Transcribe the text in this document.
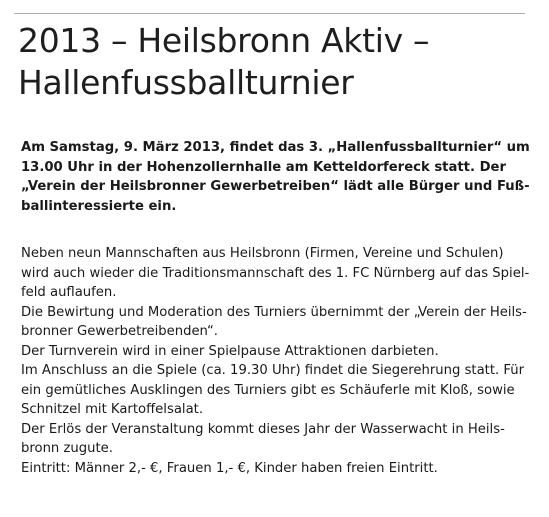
2013 – Heilsbronn Aktiv –
Hallenfussballturnier

Am Samstag, 9. März 2013, findet das 3. „Hallenfussballturnier“ um
13.00 Uhr in der Hohenzollernhalle am Ketteldorfereck statt. Der
„Verein der Heilsbronner Gewerbetreiben“ lädt alle Bürger und Fuß-
ballinteressierte ein.

Neben neun Mannschaften aus Heilsbronn (Firmen, Vereine und Schulen)
wird auch wieder die Traditionsmannschaft des 1. FC Nürnberg auf das Spiel-
feld auflaufen.
Die Bewirtung und Moderation des Turniers übernimmt der „Verein der Heils-
bronner Gewerbetreibenden“.
Der Turnverein wird in einer Spielpause Attraktionen darbieten.
Im Anschluss an die Spiele (ca. 19.30 Uhr) findet die Siegerehrung statt. Für
ein gemütliches Ausklingen des Turniers gibt es Schäuferle mit Kloß, sowie
Schnitzel mit Kartoffelsalat.
Der Erlös der Veranstaltung kommt dieses Jahr der Wasserwacht in Heils-
bronn zugute.
Eintritt: Männer 2,- €, Frauen 1,- €, Kinder haben freien Eintritt.
